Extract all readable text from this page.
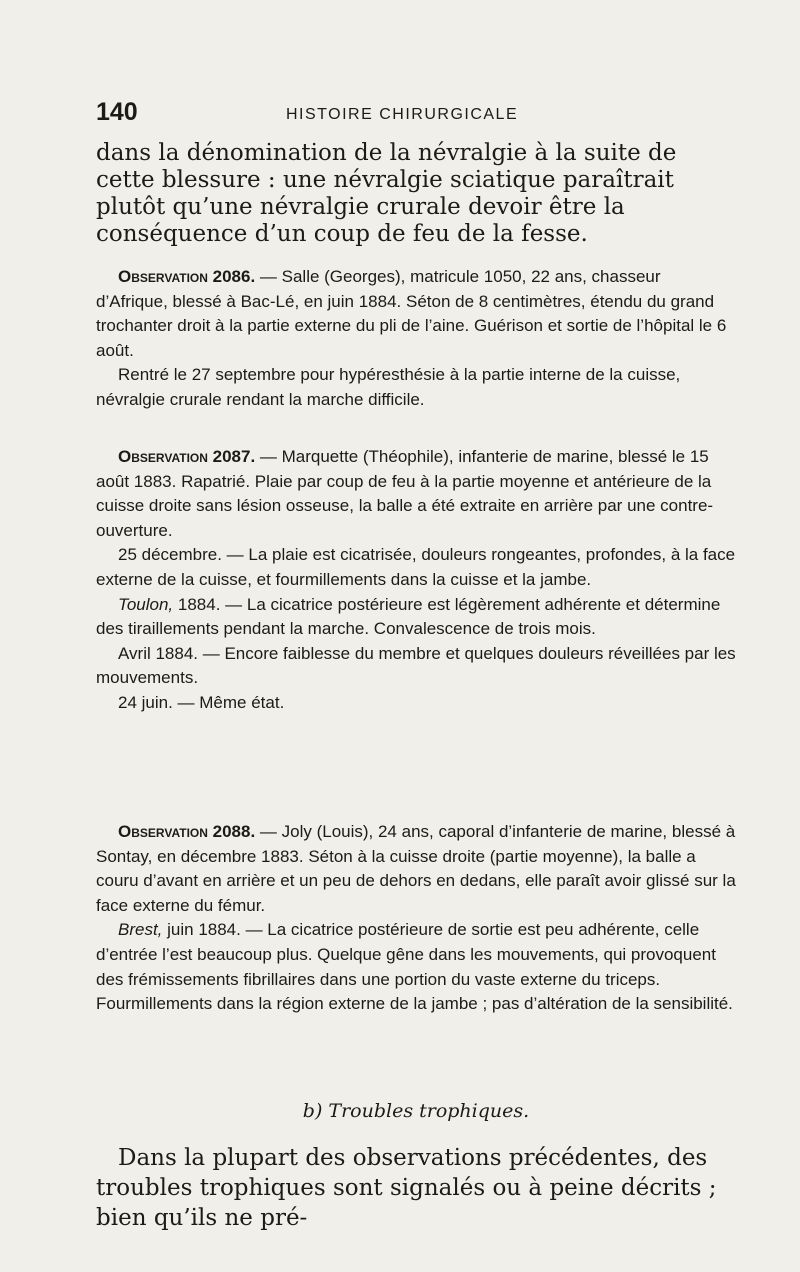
140	HISTOIRE CHIRURGICALE

dans la dénomination de la névralgie à la suite de cette blessure : une névralgie sciatique paraîtrait plutôt qu’une névralgie crurale devoir être la conséquence d’un coup de feu de la fesse.

Observation 2086. — Salle (Georges), matricule 1050, 22 ans, chasseur d’Afrique, blessé à Bac-Lé, en juin 1884. Séton de 8 centimètres, étendu du grand trochanter droit à la partie externe du pli de l’aine. Guérison et sortie de l’hôpital le 6 août.

Rentré le 27 septembre pour hypéresthésie à la partie interne de la cuisse, névralgie crurale rendant la marche difficile.

Observation 2087. — Marquette (Théophile), infanterie de marine, blessé le 15 août 1883. Rapatrié. Plaie par coup de feu à la partie moyenne et antérieure de la cuisse droite sans lésion osseuse, la balle a été extraite en arrière par une contre-ouverture.

25 décembre. — La plaie est cicatrisée, douleurs rongeantes, profondes, à la face externe de la cuisse, et fourmillements dans la cuisse et la jambe.

Toulon, 1884. — La cicatrice postérieure est légèrement adhérente et détermine des tiraillements pendant la marche. Convalescence de trois mois.

Avril 1884. — Encore faiblesse du membre et quelques douleurs réveillées par les mouvements.

24 juin. — Même état.

Observation 2088. — Joly (Louis), 24 ans, caporal d’infanterie de marine, blessé à Sontay, en décembre 1883. Séton à la cuisse droite (partie moyenne), la balle a couru d’avant en arrière et un peu de dehors en dedans, elle paraît avoir glissé sur la face externe du fémur.

Brest, juin 1884. — La cicatrice postérieure de sortie est peu adhérente, celle d’entrée l’est beaucoup plus. Quelque gêne dans les mouvements, qui provoquent des frémissements fibrillaires dans une portion du vaste externe du triceps. Fourmillements dans la région externe de la jambe ; pas d’altération de la sensibilité.

b) Troubles trophiques.

Dans la plupart des observations précédentes, des troubles trophiques sont signalés ou à peine décrits ; bien qu’ils ne pré-
